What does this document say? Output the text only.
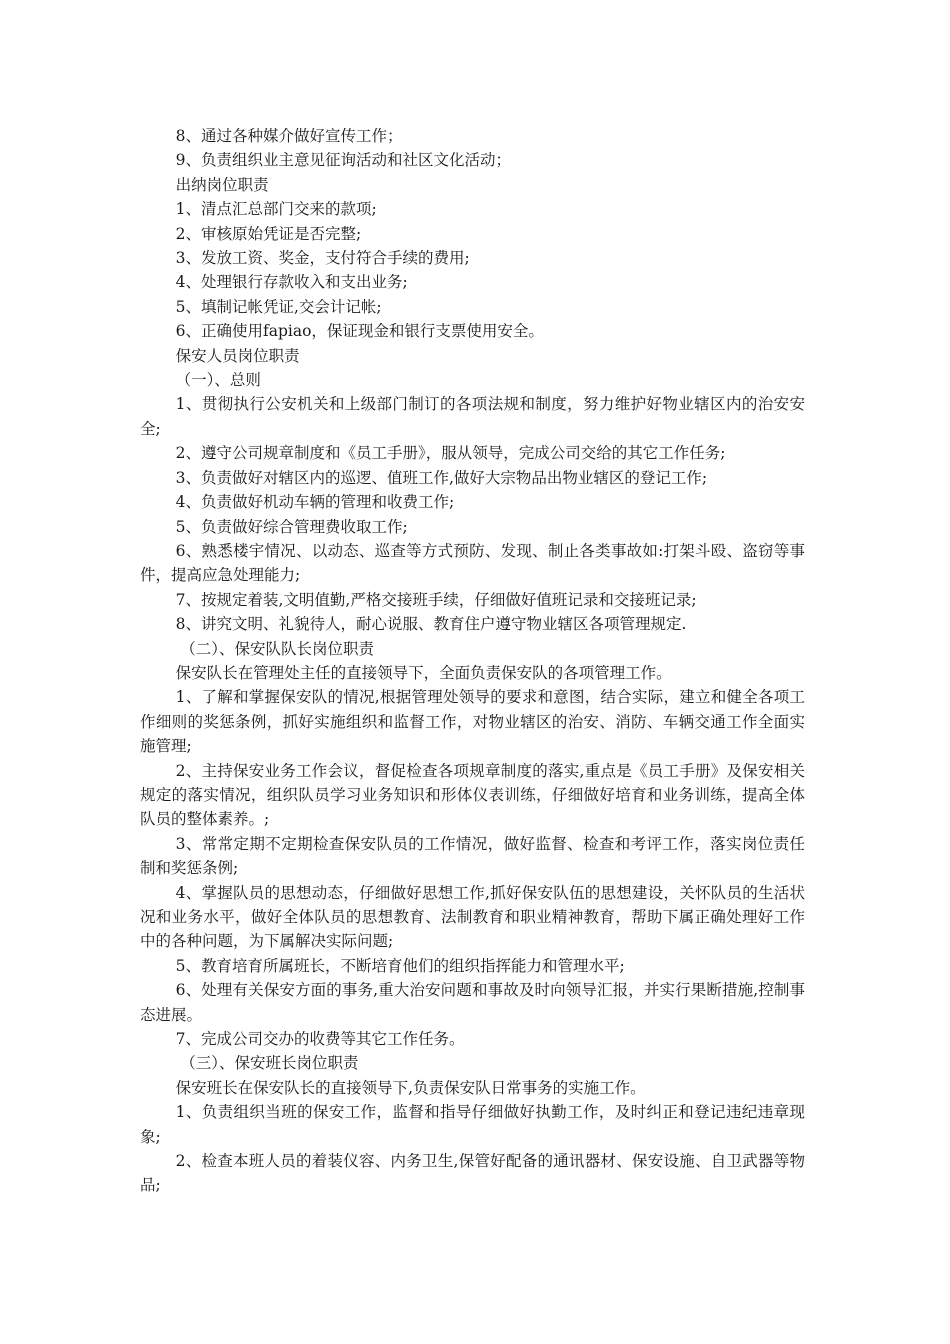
8、通过各种媒介做好宣传工作；

9、负责组织业主意见征询活动和社区文化活动；

出纳岗位职责

1、清点汇总部门交来的款项;

2、审核原始凭证是否完整;

3、发放工资、奖金，支付符合手续的费用;

4、处理银行存款收入和支出业务;

5、填制记帐凭证,交会计记帐;

6、正确使用fapiao，保证现金和银行支票使用安全。

保安人员岗位职责

（一）、总则

1、贯彻执行公安机关和上级部门制订的各项法规和制度，努力维护好物业辖区内的治安安全;

2、遵守公司规章制度和《员工手册》，服从领导，完成公司交给的其它工作任务;

3、负责做好对辖区内的巡逻、值班工作,做好大宗物品出物业辖区的登记工作;

4、负责做好机动车辆的管理和收费工作;

5、负责做好综合管理费收取工作;

6、熟悉楼宇情况、以动态、巡查等方式预防、发现、制止各类事故如:打架斗殴、盗窃等事件，提高应急处理能力;

7、按规定着装,文明值勤,严格交接班手续，仔细做好值班记录和交接班记录;

8、讲究文明、礼貌待人，耐心说服、教育住户遵守物业辖区各项管理规定.

（二）、保安队队长岗位职责

保安队长在管理处主任的直接领导下，全面负责保安队的各项管理工作。

1、了解和掌握保安队的情况,根据管理处领导的要求和意图，结合实际，建立和健全各项工作细则的奖惩条例，抓好实施组织和监督工作，对物业辖区的治安、消防、车辆交通工作全面实施管理;

2、主持保安业务工作会议，督促检查各项规章制度的落实,重点是《员工手册》及保安相关规定的落实情况，组织队员学习业务知识和形体仪表训练，仔细做好培育和业务训练，提高全体队员的整体素养。;

3、常常定期不定期检查保安队员的工作情况，做好监督、检查和考评工作，落实岗位责任制和奖惩条例;

4、掌握队员的思想动态，仔细做好思想工作,抓好保安队伍的思想建设，关怀队员的生活状况和业务水平，做好全体队员的思想教育、法制教育和职业精神教育，帮助下属正确处理好工作中的各种问题，为下属解决实际问题;

5、教育培育所属班长，不断培育他们的组织指挥能力和管理水平;

6、处理有关保安方面的事务,重大治安问题和事故及时向领导汇报，并实行果断措施,控制事态进展。

7、完成公司交办的收费等其它工作任务。

（三）、保安班长岗位职责

保安班长在保安队长的直接领导下,负责保安队日常事务的实施工作。

1、负责组织当班的保安工作，监督和指导仔细做好执勤工作，及时纠正和登记违纪违章现象;

2、检查本班人员的着装仪容、内务卫生,保管好配备的通讯器材、保安设施、自卫武器等物品;
